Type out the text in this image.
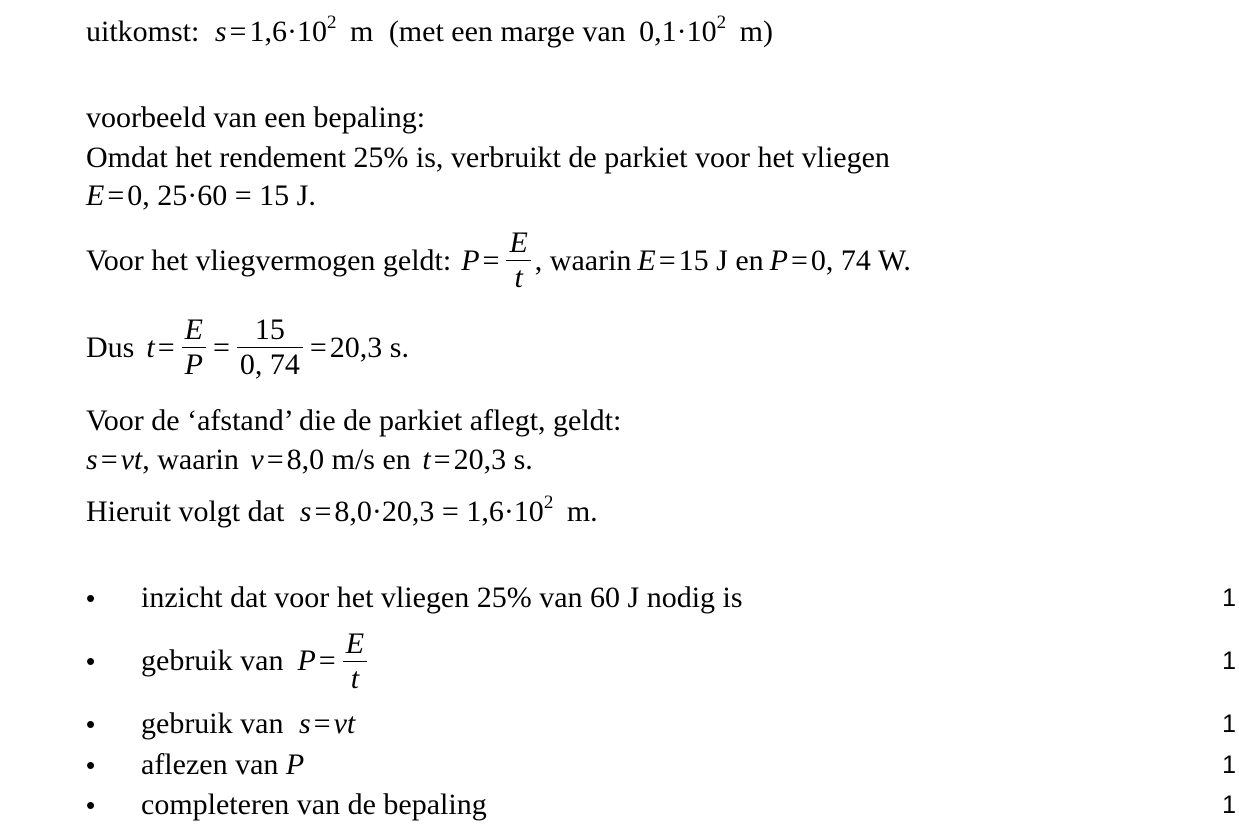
uitkomst: $s = 1,6\cdot 10^2$ m (met een marge van $0,1\cdot 10^2$ m)
voorbeeld van een bepaling:
Omdat het rendement 25% is, verbruikt de parkiet voor het vliegen
E = 0, 25·60 = 15 J.
Voor het vliegvermogen geldt: $P = \frac{E}{t}$ , waarin E = 15 J en P = 0, 74 W.
Dus $t = \frac{E}{P} = \frac{15}{0, 74} = 20,3$ s.
Voor de ‘afstand’ die de parkiet aflegt, geldt:
s = vt, waarin v = 8,0 m/s en t = 20,3 s.
Hieruit volgt dat $s = 8,0\cdot 20,3 = 1,6\cdot 10^2$ m.
•	inzicht dat voor het vliegen 25% van 60 J nodig is	1
•	gebruik van $P = \frac{E}{t}$	1
•	gebruik van s = vt	1
•	aflezen van P	1
•	completeren van de bepaling	1
